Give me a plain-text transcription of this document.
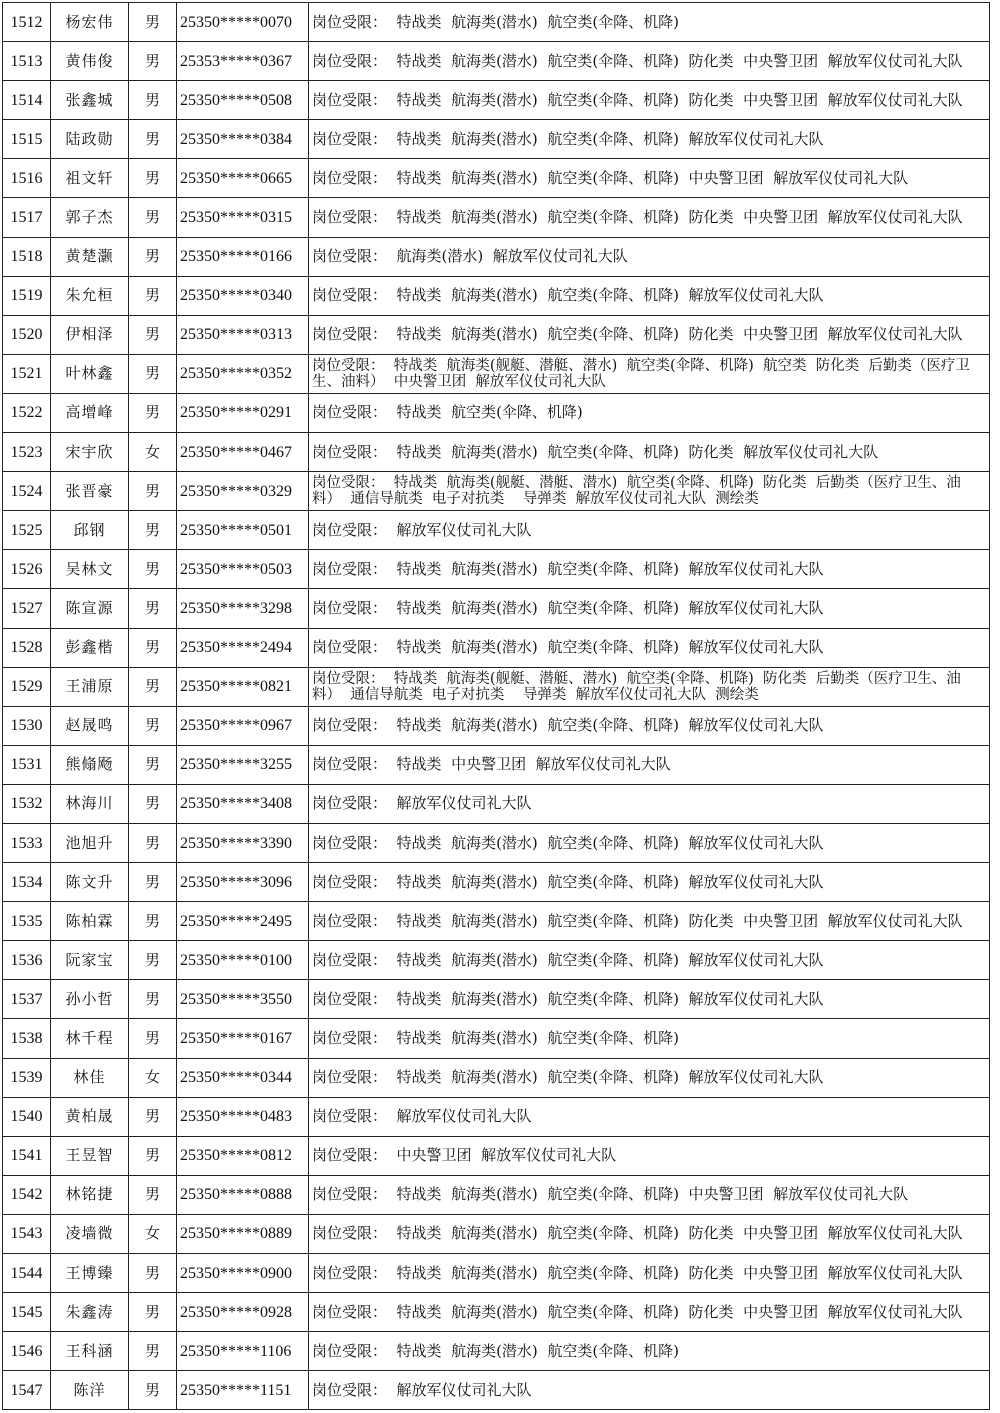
1512	杨宏伟	男	25350*****0070	岗位受限：  特战类  航海类(潜水)  航空类(伞降、机降)
1513	黄伟俊	男	25353*****0367	岗位受限：  特战类  航海类(潜水)  航空类(伞降、机降)  防化类  中央警卫团  解放军仪仗司礼大队
1514	张鑫城	男	25350*****0508	岗位受限：  特战类  航海类(潜水)  航空类(伞降、机降)  防化类  中央警卫团  解放军仪仗司礼大队
1515	陆政勋	男	25350*****0384	岗位受限：  特战类  航海类(潜水)  航空类(伞降、机降)  解放军仪仗司礼大队
1516	祖文轩	男	25350*****0665	岗位受限：  特战类  航海类(潜水)  航空类(伞降、机降)  中央警卫团  解放军仪仗司礼大队
1517	郭子杰	男	25350*****0315	岗位受限：  特战类  航海类(潜水)  航空类(伞降、机降)  防化类  中央警卫团  解放军仪仗司礼大队
1518	黄楚灏	男	25350*****0166	岗位受限：  航海类(潜水)  解放军仪仗司礼大队
1519	朱允桓	男	25350*****0340	岗位受限：  特战类  航海类(潜水)  航空类(伞降、机降)  解放军仪仗司礼大队
1520	伊相泽	男	25350*****0313	岗位受限：  特战类  航海类(潜水)  航空类(伞降、机降)  防化类  中央警卫团  解放军仪仗司礼大队
1521	叶林鑫	男	25350*****0352	岗位受限：  特战类  航海类(舰艇、潜艇、潜水)  航空类(伞降、机降)  航空类  防化类  后勤类（医疗卫生、油料）  中央警卫团  解放军仪仗司礼大队
1522	高增峰	男	25350*****0291	岗位受限：  特战类  航空类(伞降、机降)
1523	宋宇欣	女	25350*****0467	岗位受限：  特战类  航海类(潜水)  航空类(伞降、机降)  防化类  解放军仪仗司礼大队
1524	张晋豪	男	25350*****0329	岗位受限：  特战类  航海类(舰艇、潜艇、潜水)  航空类(伞降、机降)  防化类  后勤类（医疗卫生、油料）  通信导航类  电子对抗类    导弹类  解放军仪仗司礼大队  测绘类
1525	邱钢	男	25350*****0501	岗位受限：  解放军仪仗司礼大队
1526	吴林文	男	25350*****0503	岗位受限：  特战类  航海类(潜水)  航空类(伞降、机降)  解放军仪仗司礼大队
1527	陈宣源	男	25350*****3298	岗位受限：  特战类  航海类(潜水)  航空类(伞降、机降)  解放军仪仗司礼大队
1528	彭鑫楷	男	25350*****2494	岗位受限：  特战类  航海类(潜水)  航空类(伞降、机降)  解放军仪仗司礼大队
1529	王浦原	男	25350*****0821	岗位受限：  特战类  航海类(舰艇、潜艇、潜水)  航空类(伞降、机降)  防化类  后勤类（医疗卫生、油料）  通信导航类  电子对抗类    导弹类  解放军仪仗司礼大队  测绘类
1530	赵晟鸣	男	25350*****0967	岗位受限：  特战类  航海类(潜水)  航空类(伞降、机降)  解放军仪仗司礼大队
1531	熊翛飏	男	25350*****3255	岗位受限：  特战类  中央警卫团  解放军仪仗司礼大队
1532	林海川	男	25350*****3408	岗位受限：  解放军仪仗司礼大队
1533	池旭升	男	25350*****3390	岗位受限：  特战类  航海类(潜水)  航空类(伞降、机降)  解放军仪仗司礼大队
1534	陈文升	男	25350*****3096	岗位受限：  特战类  航海类(潜水)  航空类(伞降、机降)  解放军仪仗司礼大队
1535	陈柏霖	男	25350*****2495	岗位受限：  特战类  航海类(潜水)  航空类(伞降、机降)  防化类  中央警卫团  解放军仪仗司礼大队
1536	阮家宝	男	25350*****0100	岗位受限：  特战类  航海类(潜水)  航空类(伞降、机降)  解放军仪仗司礼大队
1537	孙小哲	男	25350*****3550	岗位受限：  特战类  航海类(潜水)  航空类(伞降、机降)  解放军仪仗司礼大队
1538	林千程	男	25350*****0167	岗位受限：  特战类  航海类(潜水)  航空类(伞降、机降)
1539	林佳	女	25350*****0344	岗位受限：  特战类  航海类(潜水)  航空类(伞降、机降)  解放军仪仗司礼大队
1540	黄柏晟	男	25350*****0483	岗位受限：  解放军仪仗司礼大队
1541	王昱智	男	25350*****0812	岗位受限：  中央警卫团  解放军仪仗司礼大队
1542	林铭捷	男	25350*****0888	岗位受限：  特战类  航海类(潜水)  航空类(伞降、机降)  中央警卫团  解放军仪仗司礼大队
1543	凌墙微	女	25350*****0889	岗位受限：  特战类  航海类(潜水)  航空类(伞降、机降)  防化类  中央警卫团  解放军仪仗司礼大队
1544	王博臻	男	25350*****0900	岗位受限：  特战类  航海类(潜水)  航空类(伞降、机降)  防化类  中央警卫团  解放军仪仗司礼大队
1545	朱鑫涛	男	25350*****0928	岗位受限：  特战类  航海类(潜水)  航空类(伞降、机降)  防化类  中央警卫团  解放军仪仗司礼大队
1546	王科涵	男	25350*****1106	岗位受限：  特战类  航海类(潜水)  航空类(伞降、机降)
1547	陈洋	男	25350*****1151	岗位受限：  解放军仪仗司礼大队
